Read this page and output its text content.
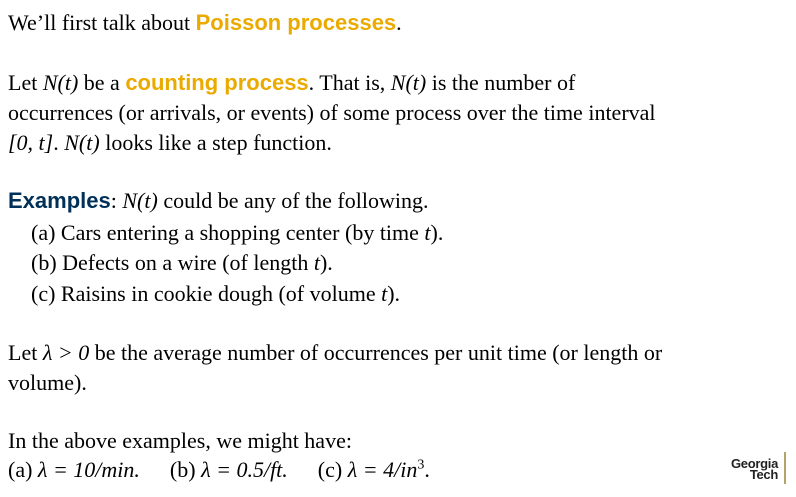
We’ll first talk about Poisson processes.
Let N(t) be a counting process. That is, N(t) is the number of
occurrences (or arrivals, or events) of some process over the time interval
[0, t]. N(t) looks like a step function.
Examples: N(t) could be any of the following.
(a) Cars entering a shopping center (by time t).
(b) Defects on a wire (of length t).
(c) Raisins in cookie dough (of volume t).
Let λ > 0 be the average number of occurrences per unit time (or length or
volume).
In the above examples, we might have:
(a) λ = 10/min. (b) λ = 0.5/ft. (c) $\lambda = 4/in^3$.	Georgia
Tech
